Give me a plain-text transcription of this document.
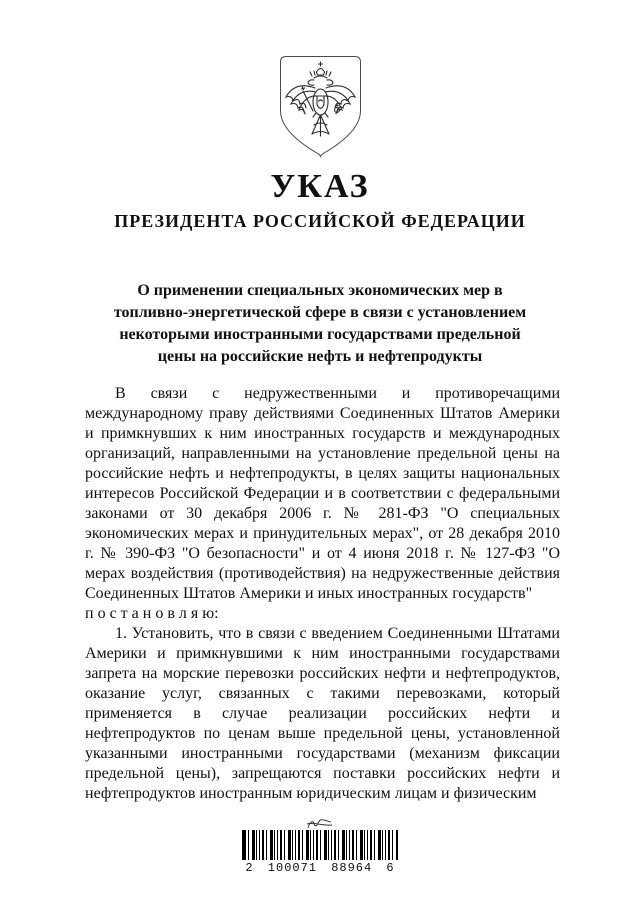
УКАЗ
ПРЕЗИДЕНТА РОССИЙСКОЙ ФЕДЕРАЦИИ
О применении специальных экономических мер в
топливно-энергетической сфере в связи с установлением
некоторыми иностранными государствами предельной
цены на российские нефть и нефтепродукты

В связи с недружественными и противоречащими международному праву действиями Соединенных Штатов Америки и примкнувших к ним иностранных государств и международных организаций, направленными на установление предельной цены на российские нефть и нефтепродукты, в целях защиты национальных интересов Российской Федерации и в соответствии с федеральными законами от 30 декабря 2006 г. № 281-ФЗ "О специальных экономических мерах и принудительных мерах", от 28 декабря 2010 г. № 390-ФЗ "О безопасности" и от 4 июня 2018 г. № 127-ФЗ "О мерах воздействия (противодействия) на недружественные действия Соединенных Штатов Америки и иных иностранных государств"

п о с т а н о в л я ю:

1. Установить, что в связи с введением Соединенными Штатами Америки и примкнувшими к ним иностранными государствами запрета на морские перевозки российских нефти и нефтепродуктов, оказание услуг, связанных с такими перевозками, который применяется в случае реализации российских нефти и нефтепродуктов по ценам выше предельной цены, установленной указанными иностранными государствами (механизм фиксации предельной цены), запрещаются поставки российских нефти и нефтепродуктов иностранным юридическим лицам и физическим

2 100071 88964 6
